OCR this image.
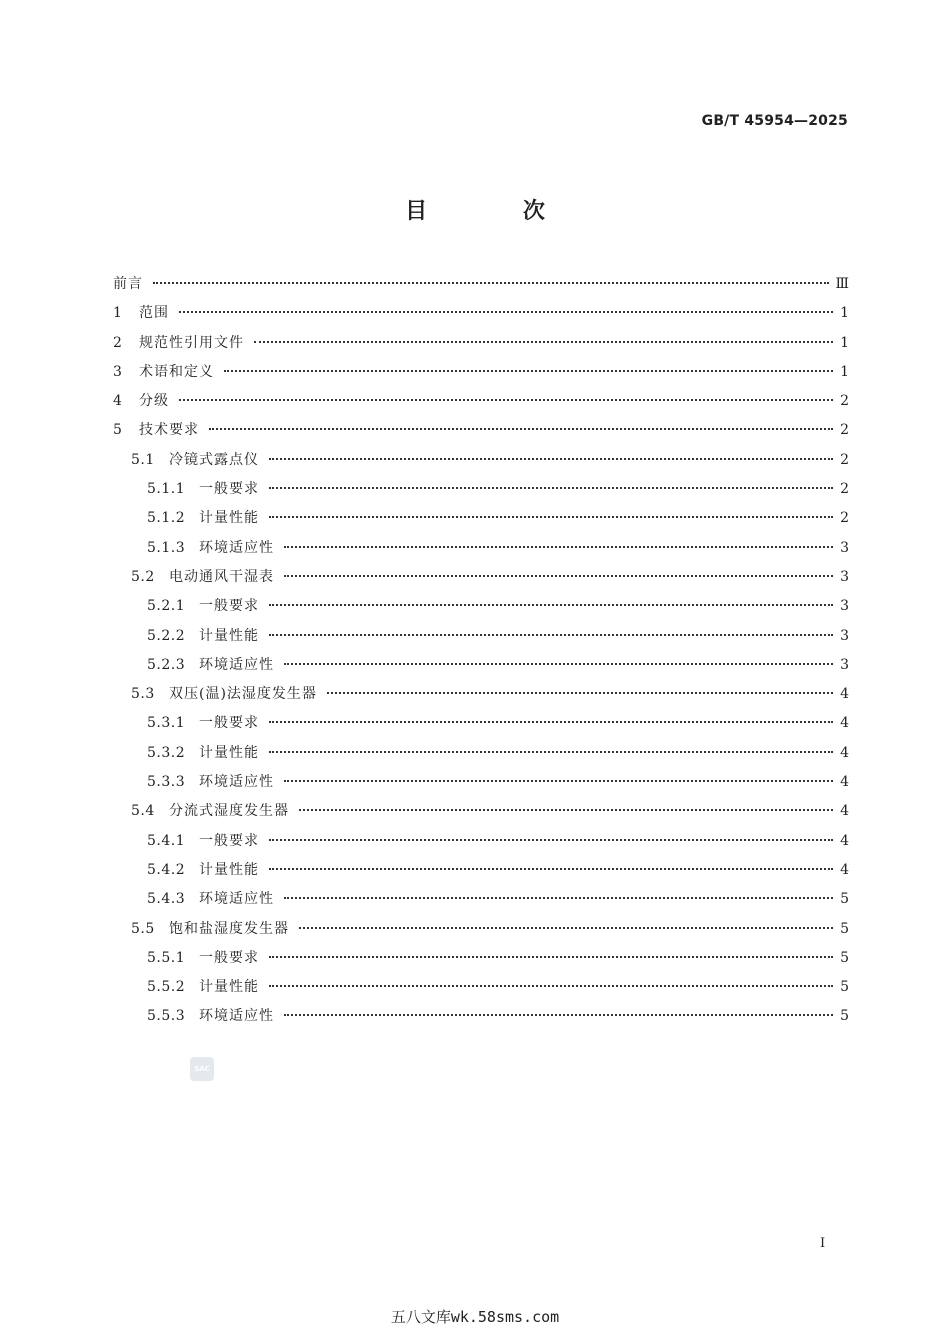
GB/T 45954—2025
目 次
前言	Ⅲ
1	范围	1
2	规范性引用文件	1
3	术语和定义	1
4	分级	2
5	技术要求	2
5.1	冷镜式露点仪	2
5.1.1 一般要求	2
5.1.2 计量性能	2
5.1.3 环境适应性	3
5.2	电动通风干湿表	3
5.2.1 一般要求	3
5.2.2 计量性能	3
5.2.3 环境适应性	3
5.3	双压(温)法湿度发生器	4
5.3.1 一般要求	4
5.3.2 计量性能	4
5.3.3 环境适应性	4
5.4	分流式湿度发生器	4
5.4.1 一般要求	4
5.4.2 计量性能	4
5.4.3 环境适应性	5
5.5	饱和盐湿度发生器	5
5.5.1 一般要求	5
5.5.2 计量性能	5
5.5.3 环境适应性	5
SAC
I
五八文库wk.58sms.com
